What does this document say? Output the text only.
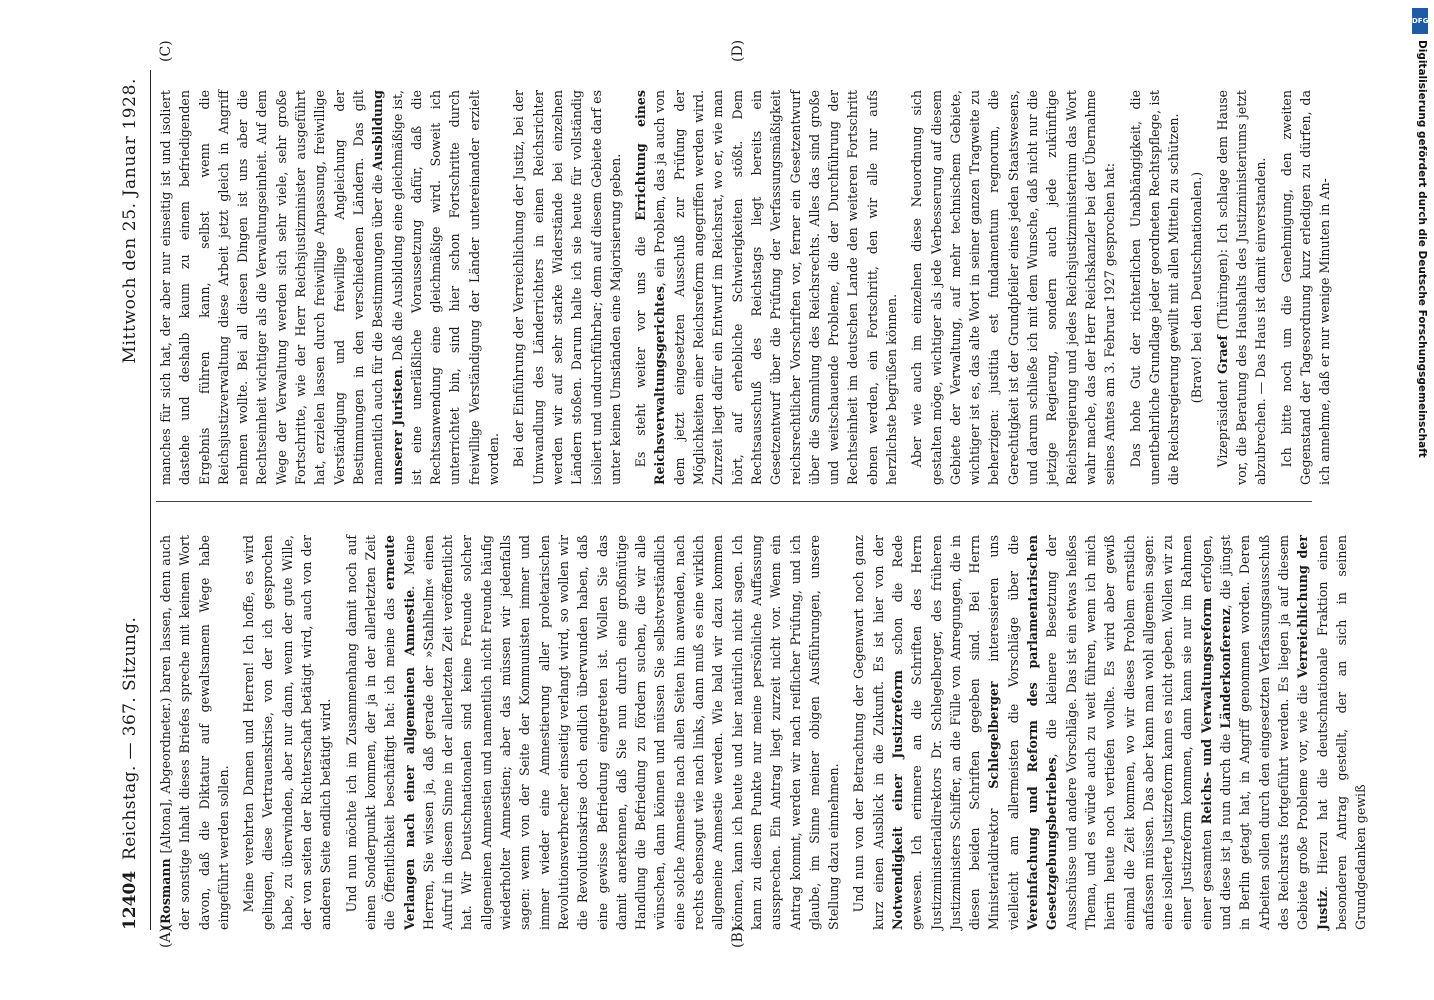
12404
Reichstag. — 367. Sitzung.
Mittwoch den 25. Januar 1928.
(A)	(B)
(C)	(D)

(Rosmann [Altona], Abgeordneter.) baren lassen, denn auch der sonstige Inhalt dieses Briefes spreche mit keinem Wort davon, daß die Diktatur auf gewaltsamem Wege habe eingeführt werden sollen. Meine verehrten Damen und Herren! Ich hoffe, es wird gelingen, diese Vertrauenskrise, von der ich gesprochen habe, zu überwinden, aber nur dann, wenn der gute Wille, der von seiten der Richterschaft betätigt wird, auch von der anderen Seite endlich betätigt wird. Und nun möchte ich im Zusammenhang damit noch auf einen Sonderpunkt kommen, der ja in der allerletzten Zeit die Öffentlichkeit beschäftigt hat: ich meine das erneute Verlangen nach einer allgemeinen Amnestie. Meine Herren, Sie wissen ja, daß gerade der »Stahlhelm« einen Aufruf in diesem Sinne in der allerletzten Zeit veröffentlicht hat. Wir Deutschnationalen sind keine Freunde solcher allgemeinen Amnestien und namentlich nicht Freunde häufig wiederholter Amnestien; aber das müssen wir jedenfalls sagen: wenn von der Seite der Kommunisten immer und immer wieder eine Amnestierung aller proletarischen Revolutionsverbrecher einseitig verlangt wird, so wollen wir die Revolutionskrise doch endlich überwunden haben, daß eine gewisse Befriedung eingetreten ist. Wollen Sie das damit anerkennen, daß Sie nun durch eine großmütige Handlung die Befriedung zu fördern suchen, die wir alle wünschen, dann können und müssen Sie selbstverständlich eine solche Amnestie nach allen Seiten hin anwenden, nach rechts ebensogut wie nach links, dann muß es eine wirklich allgemeine Amnestie werden. Wie bald wir dazu kommen können, kann ich heute und hier natürlich nicht sagen. Ich kann zu diesem Punkte nur meine persönliche Auffassung aussprechen. Ein Antrag liegt zurzeit nicht vor. Wenn ein Antrag kommt, werden wir nach reiflicher Prüfung, und ich glaube, im Sinne meiner obigen Ausführungen, unsere Stellung dazu einnehmen. Und nun von der Betrachtung der Gegenwart noch ganz kurz einen Ausblick in die Zukunft. Es ist hier von der Notwendigkeit einer Justizreform schon die Rede gewesen. Ich erinnere an die Schriften des Herrn Justizministerialdirektors Dr. Schlegelberger, des früheren Justizministers Schiffer, an die Fülle von Anregungen, die in diesen beiden Schriften gegeben sind. Bei Herrn Ministerialdirektor Schlegelberger interessieren uns vielleicht am allermeisten die Vorschläge über die Vereinfachung und Reform des parlamentarischen Gesetzgebungsbetriebes, die kleinere Besetzung der Ausschüsse und andere Vorschläge. Das ist ein etwas heißes Thema, und es würde auch zu weit führen, wenn ich mich hierin heute noch vertiefen wollte. Es wird aber gewiß einmal die Zeit kommen, wo wir dieses Problem ernstlich anfassen müssen. Das aber kann man wohl allgemein sagen: eine isolierte Justizreform kann es nicht geben. Wollen wir zu einer Justizreform kommen, dann kann sie nur im Rahmen einer gesamten Reichs- und Verwaltungsreform erfolgen, und diese ist ja nun durch die Länderkonferenz, die jüngst in Berlin getagt hat, in Angriff genommen worden. Deren Arbeiten sollen durch den eingesetzten Verfassungsausschuß des Reichsrats fortgeführt werden. Es liegen ja auf diesem Gebiete große Probleme vor, wie die Verreichlichung der Justiz. Hierzu hat die deutschnationale Fraktion einen besonderen Antrag gestellt, der an sich in seinen Grundgedanken gewiß

manches für sich hat, der aber nur einseitig ist und isoliert dastehe und deshalb kaum zu einem befriedigenden Ergebnis führen kann, selbst wenn die Reichsjustizverwaltung diese Arbeit jetzt gleich in Angriff nehmen wollte. Bei all diesen Dingen ist uns aber die Rechtseinheit wichtiger als die Verwaltungseinheit. Auf dem Wege der Verwaltung werden sich sehr viele, sehr große Fortschritte, wie der Herr Reichsjustizminister ausgeführt hat, erzielen lassen durch freiwillige Anpassung, freiwillige Verständigung und freiwillige Angleichung der Bestimmungen in den verschiedenen Ländern. Das gilt namentlich auch für die Bestimmungen über die Ausbildung unserer Juristen. Daß die Ausbildung eine gleichmäßige ist, ist eine unerläßliche Voraussetzung dafür, daß die Rechtsanwendung eine gleichmäßige wird. Soweit ich unterrichtet bin, sind hier schon Fortschritte durch freiwillige Verständigung der Länder untereinander erzielt worden. Bei der Einführung der Verreichlichung der Justiz, bei der Umwandlung des Länderrichters in einen Reichsrichter werden wir auf sehr starke Widerstände bei einzelnen Ländern stoßen. Darum halte ich sie heute für vollständig isoliert und undurchführbar; denn auf diesem Gebiete darf es unter keinen Umständen eine Majorisierung geben. Es steht weiter vor uns die Errichtung eines Reichsverwaltungsgerichtes, ein Problem, das ja auch von dem jetzt eingesetzten Ausschuß zur Prüfung der Möglichkeiten einer Reichsreform angegriffen werden wird. Zurzeit liegt dafür ein Entwurf im Reichsrat, wo er, wie man hört, auf erhebliche Schwierigkeiten stößt. Dem Rechtsausschuß des Reichstags liegt bereits ein Gesetzentwurf über die Prüfung der Verfassungsmäßigkeit reichsrechtlicher Vorschriften vor, ferner ein Gesetzentwurf über die Sammlung des Reichsrechts. Alles das sind große und weitschauende Probleme, die der Durchführung der Rechtseinheit im deutschen Lande den weiteren Fortschritt ebnen werden, ein Fortschritt, den wir alle nur aufs herzlichste begrüßen können. Aber wie auch im einzelnen diese Neuordnung sich gestalten möge, wichtiger als jede Verbesserung auf diesem Gebiete der Verwaltung, auf mehr technischem Gebiete, wichtiger ist es, das alte Wort in seiner ganzen Tragweite zu beherzigen: justitia est fundamentum regnorum, die Gerechtigkeit ist der Grundpfeiler eines jeden Staatswesens, und darum schließe ich mit dem Wunsche, daß nicht nur die jetzige Regierung, sondern auch jede zukünftige Reichsregierung und jedes Reichsjustizministerium das Wort wahr mache, das der Herr Reichskanzler bei der Übernahme seines Amtes am 3. Februar 1927 gesprochen hat: Das hohe Gut der richterlichen Unabhängigkeit, die unentbehrliche Grundlage jeder geordneten Rechtspflege, ist die Reichsregierung gewillt mit allen Mitteln zu schützen. (Bravo! bei den Deutschnationalen.)

Vizepräsident Graef (Thüringen): Ich schlage dem Hause vor, die Beratung des Haushalts des Justizministeriums jetzt abzubrechen. — Das Haus ist damit einverstanden. Ich bitte noch um die Genehmigung, den zweiten Gegenstand der Tagesordnung kurz erledigen zu dürfen, da ich annehme, daß er nur wenige Minuten in An-

DFG
Digitalisierung gefördert durch die Deutsche Forschungsgemeinschaft
